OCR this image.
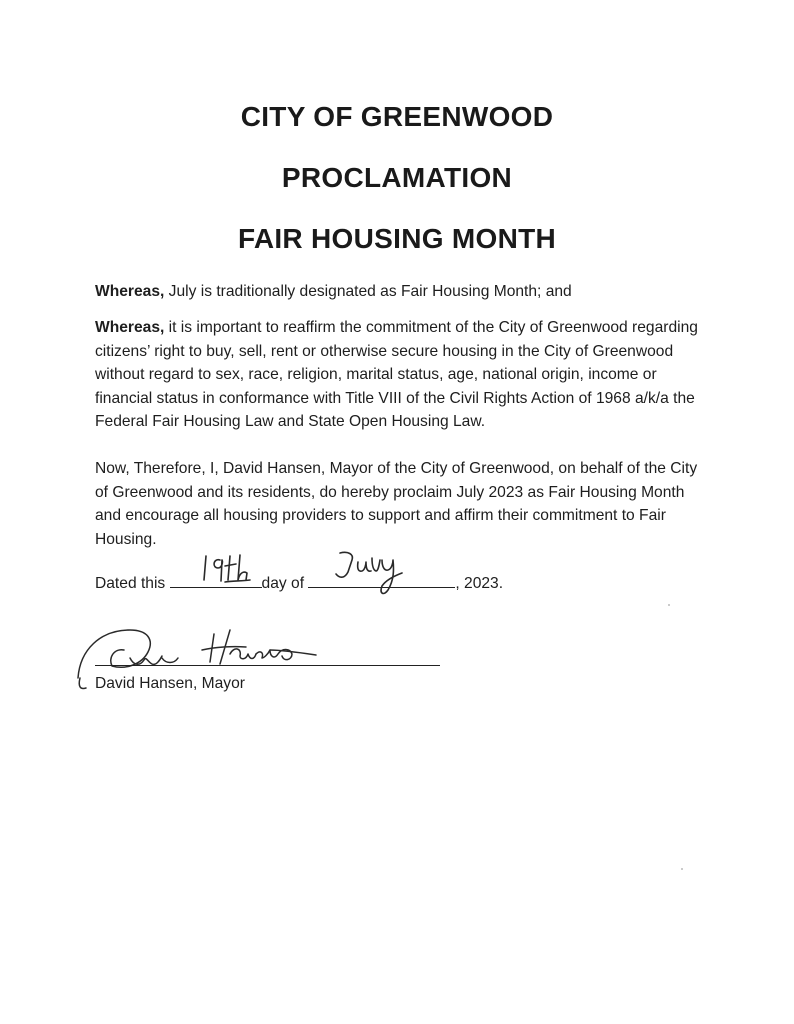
CITY OF GREENWOOD
PROCLAMATION
FAIR HOUSING MONTH
Whereas, July is traditionally designated as Fair Housing Month; and
Whereas, it is important to reaffirm the commitment of the City of Greenwood regarding citizens’ right to buy, sell, rent or otherwise secure housing in the City of Greenwood without regard to sex, race, religion, marital status, age, national origin, income or financial status in conformance with Title VIII of the Civil Rights Action of 1968 a/k/a the Federal Fair Housing Law and State Open Housing Law.
Now, Therefore, I, David Hansen, Mayor of the City of Greenwood, on behalf of the City of Greenwood and its residents, do hereby proclaim July 2023 as Fair Housing Month and encourage all housing providers to support and affirm their commitment to Fair Housing.
Dated this	day of	, 2023.
David Hansen, Mayor
